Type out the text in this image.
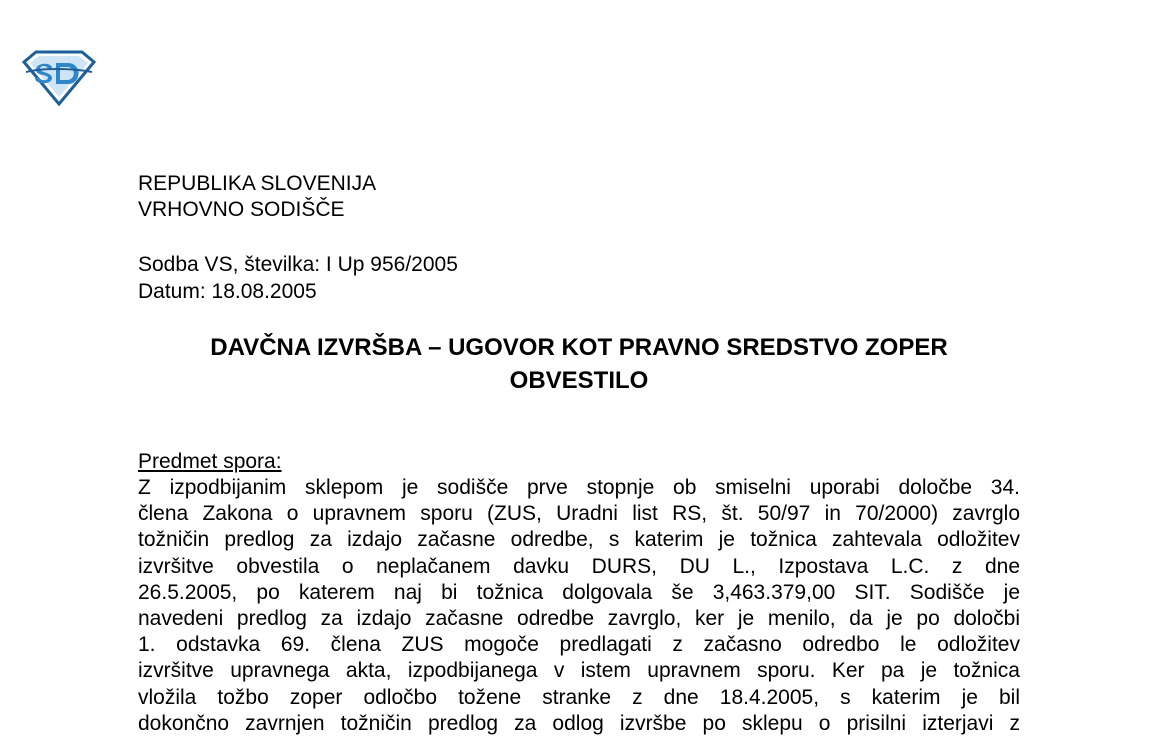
REPUBLIKA SLOVENIJA
VRHOVNO SODIŠČE
Sodba VS, številka: I Up 956/2005
Datum: 18.08.2005
DAVČNA IZVRŠBA – UGOVOR KOT PRAVNO SREDSTVO ZOPER
OBVESTILO
Predmet spora:
Z izpodbijanim sklepom je sodišče prve stopnje ob smiselni uporabi določbe 34.
člena Zakona o upravnem sporu (ZUS, Uradni list RS, št. 50/97 in 70/2000) zavrglo
tožničin predlog za izdajo začasne odredbe, s katerim je tožnica zahtevala odložitev
izvršitve obvestila o neplačanem davku DURS, DU L., Izpostava L.C. z dne
26.5.2005, po katerem naj bi tožnica dolgovala še 3,463.379,00 SIT. Sodišče je
navedeni predlog za izdajo začasne odredbe zavrglo, ker je menilo, da je po določbi
1. odstavka 69. člena ZUS mogoče predlagati z začasno odredbo le odložitev
izvršitve upravnega akta, izpodbijanega v istem upravnem sporu. Ker pa je tožnica
vložila tožbo zoper odločbo tožene stranke z dne 18.4.2005, s katerim je bil
dokončno zavrnjen tožničin predlog za odlog izvršbe po sklepu o prisilni izterjavi z
